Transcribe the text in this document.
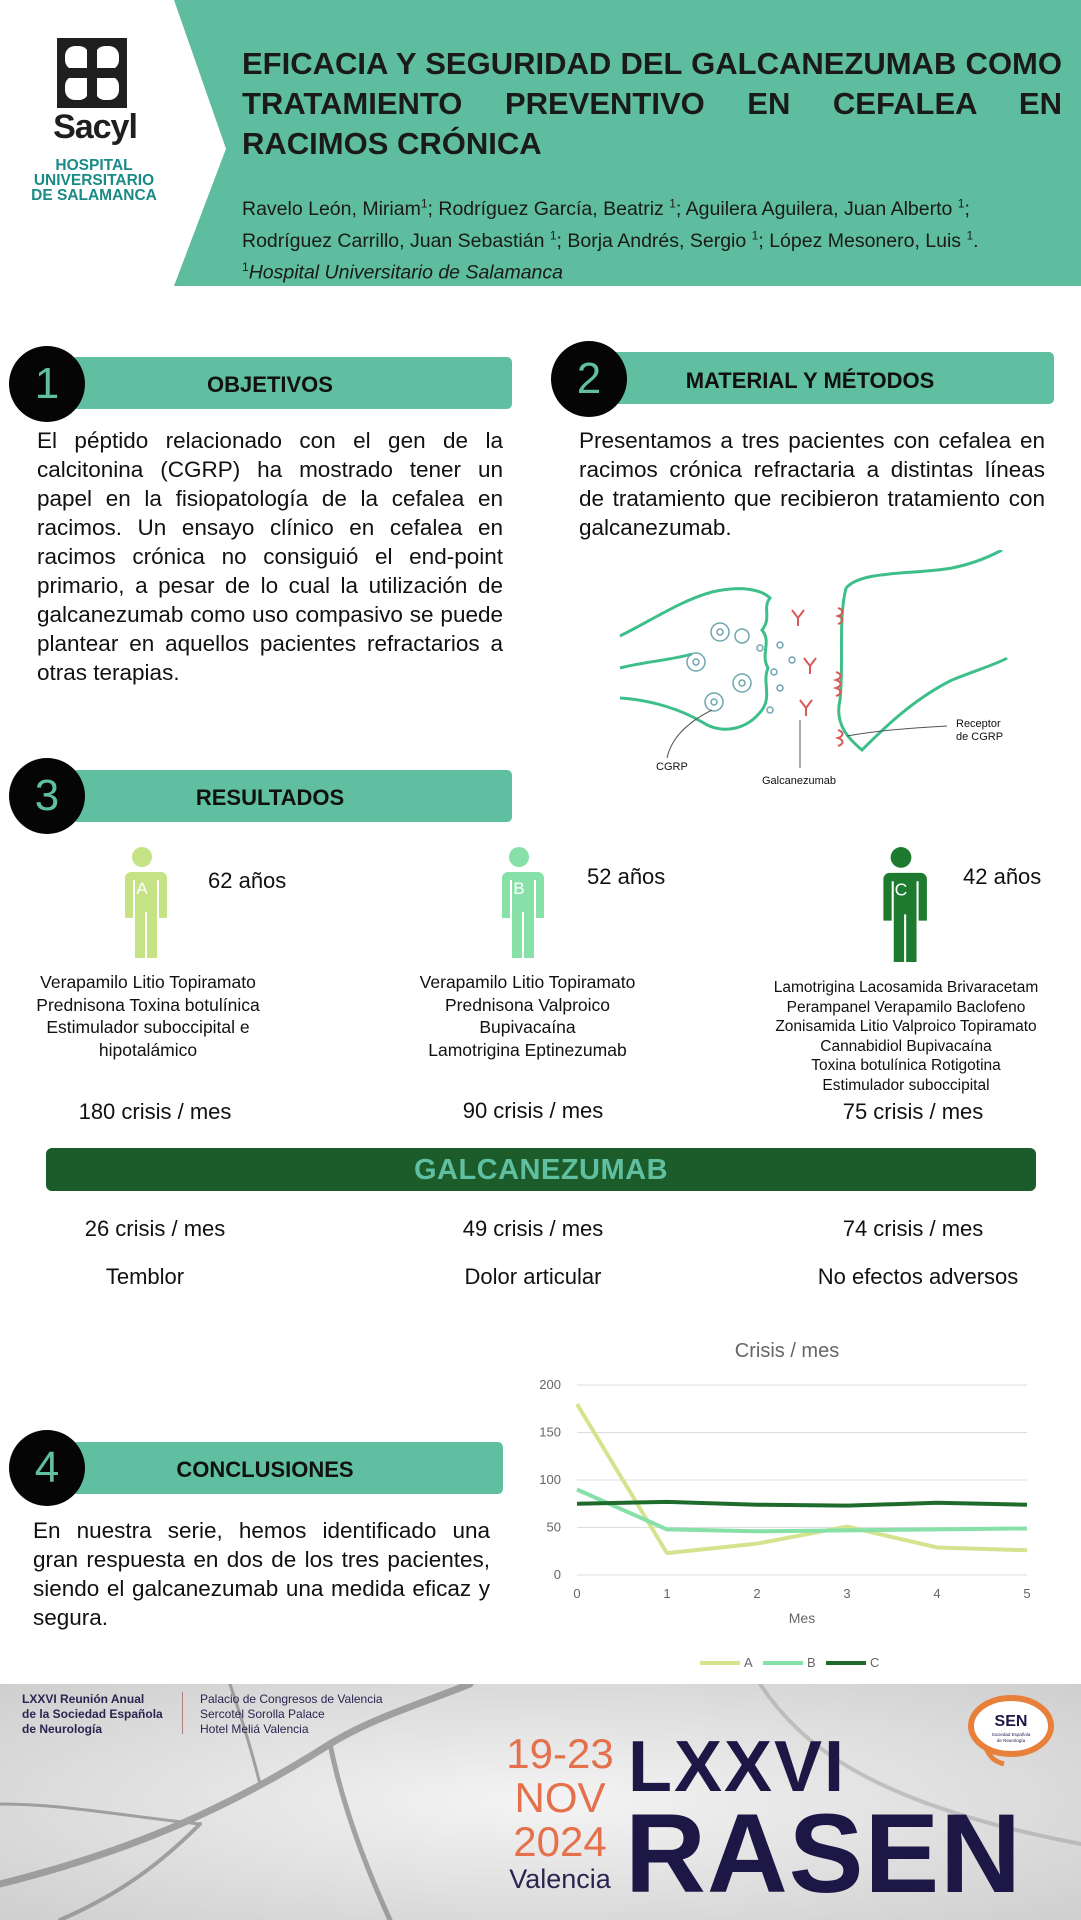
Sacyl
HOSPITAL
UNIVERSITARIO
DE SALAMANCA
EFICACIA Y SEGURIDAD DEL GALCANEZUMAB COMO TRATAMIENTO PREVENTIVO EN CEFALEA EN RACIMOS CRÓNICA
Ravelo León, Miriam$^1$; Rodríguez García, Beatriz $^1$; Aguilera Aguilera, Juan Alberto $^1$; Rodríguez Carrillo, Juan Sebastián $^1$; Borja Andrés, Sergio $^1$; López Mesonero, Luis $^1$.
$^1$Hospital Universitario de Salamanca
OBJETIVOS
1
El péptido relacionado con el gen de la calcitonina (CGRP) ha mostrado tener un papel en la fisiopatología de la cefalea en racimos. Un ensayo clínico en cefalea en racimos crónica no consiguió el end-point primario, a pesar de lo cual la utilización de galcanezumab como uso compasivo se puede plantear en aquellos pacientes refractarios a otras terapias.
MATERIAL Y MÉTODOS
2
Presentamos a tres pacientes con cefalea en racimos crónica refractaria a distintas líneas de tratamiento que recibieron tratamiento con galcanezumab.
CGRP
Galcanezumab
Receptor
de CGRP
RESULTADOS
3
A	62 años
Verapamilo Litio Topiramato
Prednisona Toxina botulínica
Estimulador suboccipital e
hipotalámico
180 crisis / mes
B	52 años
Verapamilo Litio Topiramato
Prednisona Valproico
Bupivacaína
Lamotrigina Eptinezumab
90 crisis / mes
C
42 años
Lamotrigina Lacosamida Brivaracetam
Perampanel Verapamilo Baclofeno
Zonisamida Litio Valproico Topiramato
Cannabidiol Bupivacaína
Toxina botulínica Rotigotina
Estimulador suboccipital
75 crisis / mes
GALCANEZUMAB
26 crisis / mes	49 crisis / mes	74 crisis / mes
Temblor	Dolor articular	No efectos adversos
Crisis / mes
0
50
100
150
200
0	1	2	3	4	5
Mes
A	B	C
CONCLUSIONES
4
En nuestra serie, hemos identificado una gran respuesta en dos de los tres pacientes, siendo el galcanezumab una medida eficaz y segura.
LXXVI Reunión Anual
de la Sociedad Española
de Neurología
Palacio de Congresos de Valencia
Sercotel Sorolla Palace
Hotel Meliá Valencia
19-23
NOV
2024
Valencia
LXXVI
RASEN
SEN
Sociedad Española
de Neurología
